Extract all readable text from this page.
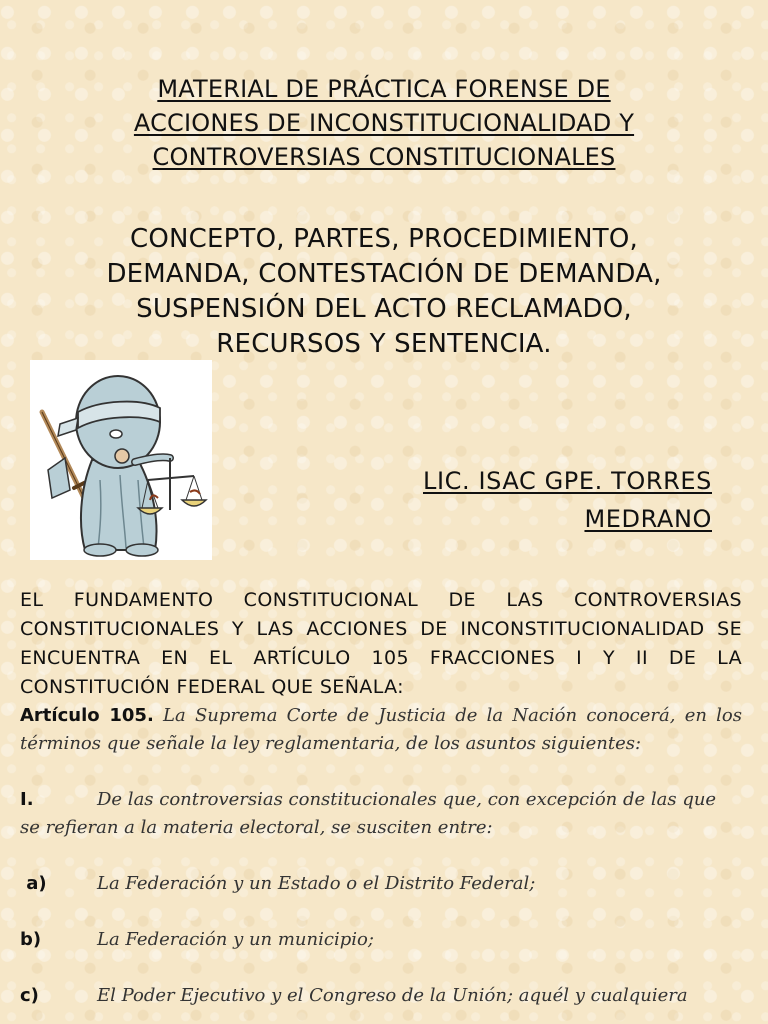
MATERIAL DE PRÁCTICA FORENSE DE
ACCIONES DE INCONSTITUCIONALIDAD Y
CONTROVERSIAS CONSTITUCIONALES
CONCEPTO, PARTES, PROCEDIMIENTO,
DEMANDA, CONTESTACIÓN DE DEMANDA,
SUSPENSIÓN DEL ACTO RECLAMADO,
RECURSOS Y SENTENCIA.
LIC. ISAC GPE. TORRES
MEDRANO
EL FUNDAMENTO CONSTITUCIONAL DE LAS CONTROVERSIAS CONSTITUCIONALES Y LAS ACCIONES DE INCONSTITUCIONALIDAD SE ENCUENTRA EN EL ARTÍCULO 105 FRACCIONES I Y II DE LA CONSTITUCIÓN FEDERAL QUE SEÑALA:
Artículo 105. La Suprema Corte de Justicia de la Nación conocerá, en los términos que señale la ley reglamentaria, de los asuntos siguientes:
I.	De las controversias constitucionales que, con excepción de las que
se refieran a la materia electoral, se susciten entre:
a)	La Federación y un Estado o el Distrito Federal;
b)	La Federación y un municipio;
c)	El Poder Ejecutivo y el Congreso de la Unión; aquél y cualquiera
